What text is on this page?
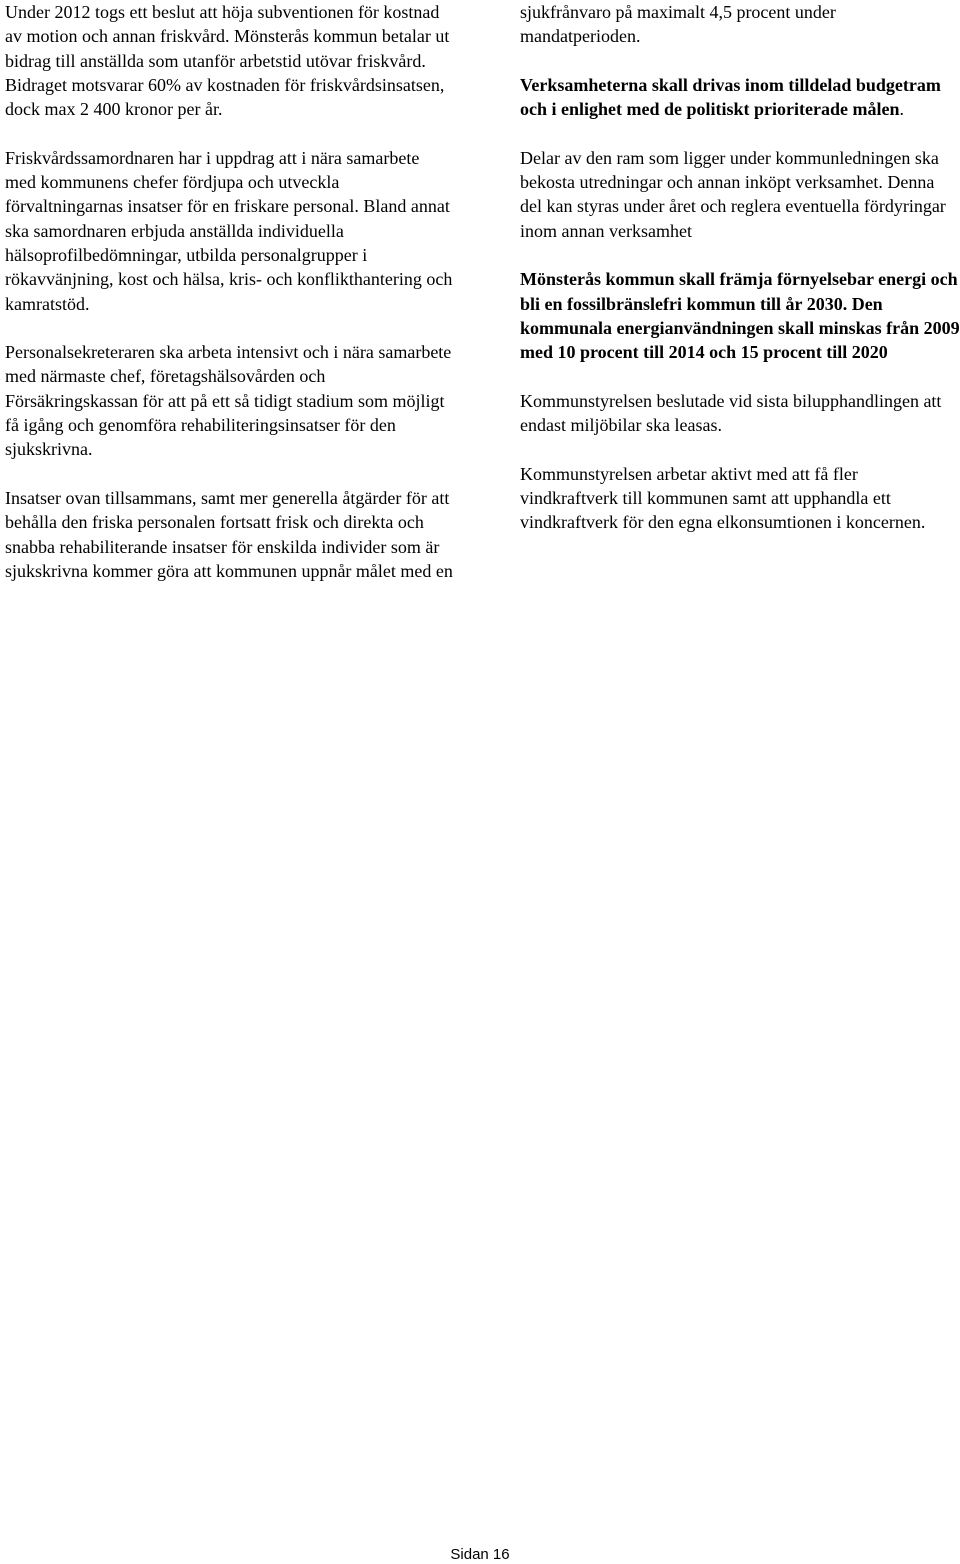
Under 2012 togs ett beslut att höja subventionen för kostnad av motion och annan friskvård. Mönsterås kommun betalar ut bidrag till anställda som utanför arbetstid utövar friskvård. Bidraget motsvarar 60% av kostnaden för friskvårdsinsatsen, dock max 2 400 kronor per år.

Friskvårdssamordnaren har i uppdrag att i nära samarbete med kommunens chefer fördjupa och utveckla förvaltningarnas insatser för en friskare personal. Bland annat ska samordnaren erbjuda anställda individuella hälsoprofilbedömningar, utbilda personalgrupper i rökavvänjning, kost och hälsa, kris- och konflikthantering och kamratstöd.

Personalsekreteraren ska arbeta intensivt och i nära samarbete med närmaste chef, företagshälsovården och Försäkringskassan för att på ett så tidigt stadium som möjligt få igång och genomföra rehabiliteringsinsatser för den sjukskrivna.

Insatser ovan tillsammans, samt mer generella åtgärder för att behålla den friska personalen fortsatt frisk och direkta och snabba rehabiliterande insatser för enskilda individer som är sjukskrivna kommer göra att kommunen uppnår målet med en

sjukfrånvaro på maximalt 4,5 procent under mandatperioden.

Verksamheterna skall drivas inom tilldelad budgetram och i enlighet med de politiskt prioriterade målen.

Delar av den ram som ligger under kommunledningen ska bekosta utredningar och annan inköpt verksamhet. Denna del kan styras under året och reglera eventuella fördyringar inom annan verksamhet

Mönsterås kommun skall främja förnyelsebar energi och bli en fossilbränslefri kommun till år 2030. Den kommunala energianvändningen skall minskas från 2009 med 10 procent till 2014 och 15 procent till 2020

Kommunstyrelsen beslutade vid sista bilupphandlingen att endast miljöbilar ska leasas.

Kommunstyrelsen arbetar aktivt med att få fler vindkraftverk till kommunen samt att upphandla ett vindkraftverk för den egna elkonsumtionen i koncernen.

Sidan 16
